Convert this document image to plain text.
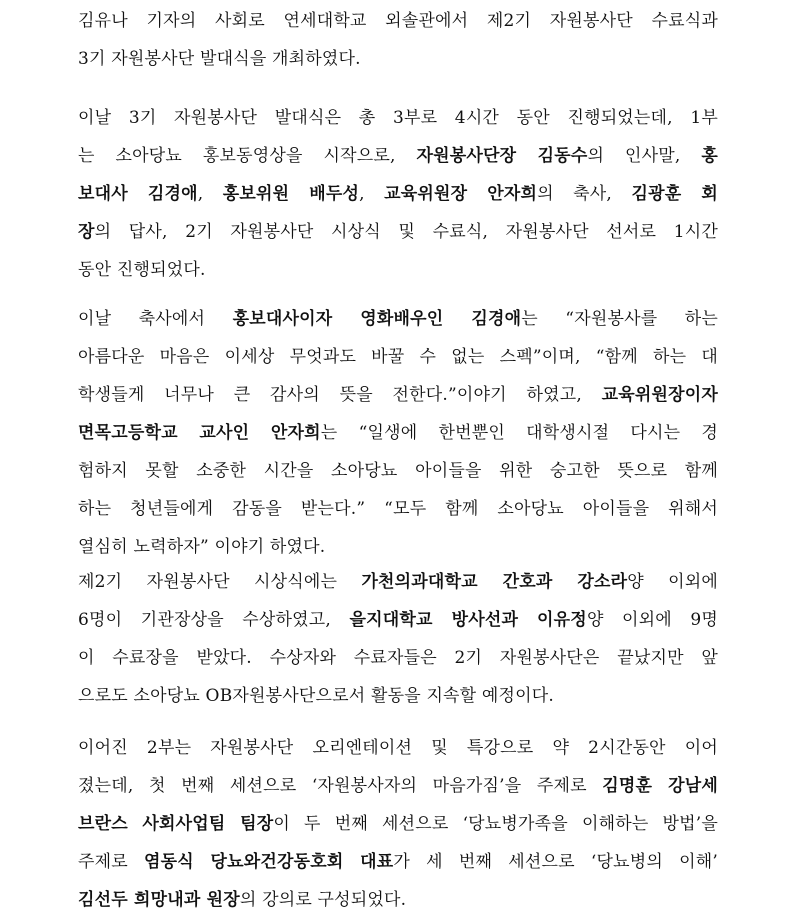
김유나 기자의 사회로 연세대학교 외솔관에서 제2기 자원봉사단 수료식과
3기 자원봉사단 발대식을 개최하였다.
이날 3기 자원봉사단 발대식은 총 3부로 4시간 동안 진행되었는데, 1부
는 소아당뇨 홍보동영상을 시작으로, 자원봉사단장 김동수의 인사말, 홍
보대사 김경애, 홍보위원 배두성, 교육위원장 안자희의 축사, 김광훈 회
장의 답사, 2기 자원봉사단 시상식 및 수료식, 자원봉사단 선서로 1시간
동안 진행되었다.
이날 축사에서 홍보대사이자 영화배우인 김경애는 “자원봉사를 하는
아름다운 마음은 이세상 무엇과도 바꿀 수 없는 스펙”이며, “함께 하는 대
학생들게 너무나 큰 감사의 뜻을 전한다.”이야기 하였고, 교육위원장이자
면목고등학교 교사인 안자희는 “일생에 한번뿐인 대학생시절 다시는 경
험하지 못할 소중한 시간을 소아당뇨 아이들을 위한 숭고한 뜻으로 함께
하는 청년들에게 감동을 받는다.” “모두 함께 소아당뇨 아이들을 위해서
열심히 노력하자” 이야기 하였다.
제2기 자원봉사단 시상식에는 가천의과대학교 간호과 강소라양 이외에
6명이 기관장상을 수상하였고, 을지대학교 방사선과 이유정양 이외에 9명
이 수료장을 받았다. 수상자와 수료자들은 2기 자원봉사단은 끝났지만 앞
으로도 소아당뇨 OB자원봉사단으로서 활동을 지속할 예정이다.
이어진 2부는 자원봉사단 오리엔테이션 및 특강으로 약 2시간동안 이어
졌는데, 첫 번째 세션으로 ‘자원봉사자의 마음가짐’을 주제로 김명훈 강남세
브란스 사회사업팀 팀장이 두 번째 세션으로 ‘당뇨병가족을 이해하는 방법’을
주제로 염동식 당뇨와건강동호회 대표가 세 번째 세션으로 ‘당뇨병의 이해’
김선두 희망내과 원장의 강의로 구성되었다.
